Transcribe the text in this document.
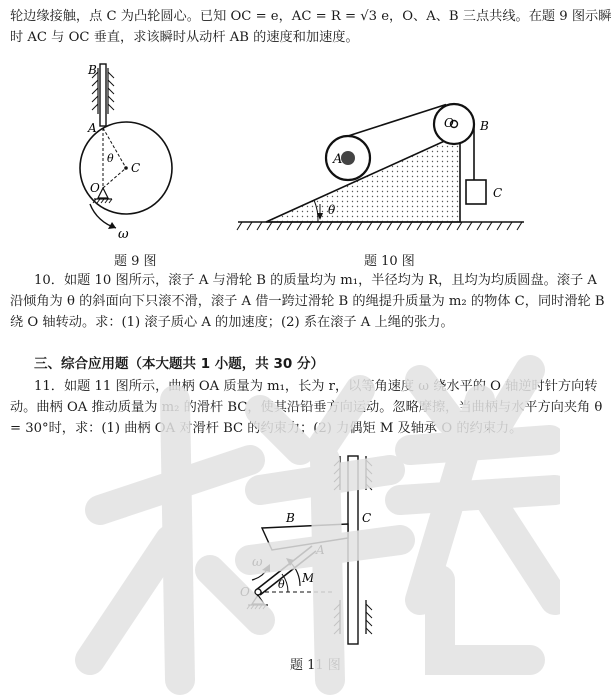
轮边缘接触，点 C 为凸轮圆心。已知 OC = e，AC = R = √3 e，O、A、B 三点共线。在题 9 图示瞬
时 AC 与 OC 垂直，求该瞬时从动杆 AB 的速度和加速度。
B
A
C
O
θ
ω
题 9 图
A
O B
C
θ
题 10 图
10．如题 10 图所示，滚子 A 与滑轮 B 的质量均为 m₁，半径均为 R，且均为均质圆盘。滚子 A
沿倾角为 θ 的斜面向下只滚不滑，滚子 A 借一跨过滑轮 B 的绳提升质量为 m₂ 的物体 C，同时滑轮 B
绕 O 轴转动。求：(1) 滚子质心 A 的加速度；(2) 系在滚子 A 上绳的张力。
三、综合应用题（本大题共 1 小题，共 30 分）
11．如题 11 图所示，曲柄 OA 质量为 m₁，长为 r，以等角速度 ω 绕水平的 O 轴逆时针方向转
动。曲柄 OA 推动质量为 m₂ 的滑杆 BC，使其沿铅垂方向运动。忽略摩擦，当曲柄与水平方向夹角 θ
= 30°时，求：(1) 曲柄 OA 对滑杆 BC 的约束力；(2) 力偶矩 M 及轴承 O 的约束力。
B	C
A
ω
θ M
O
题 11 图
